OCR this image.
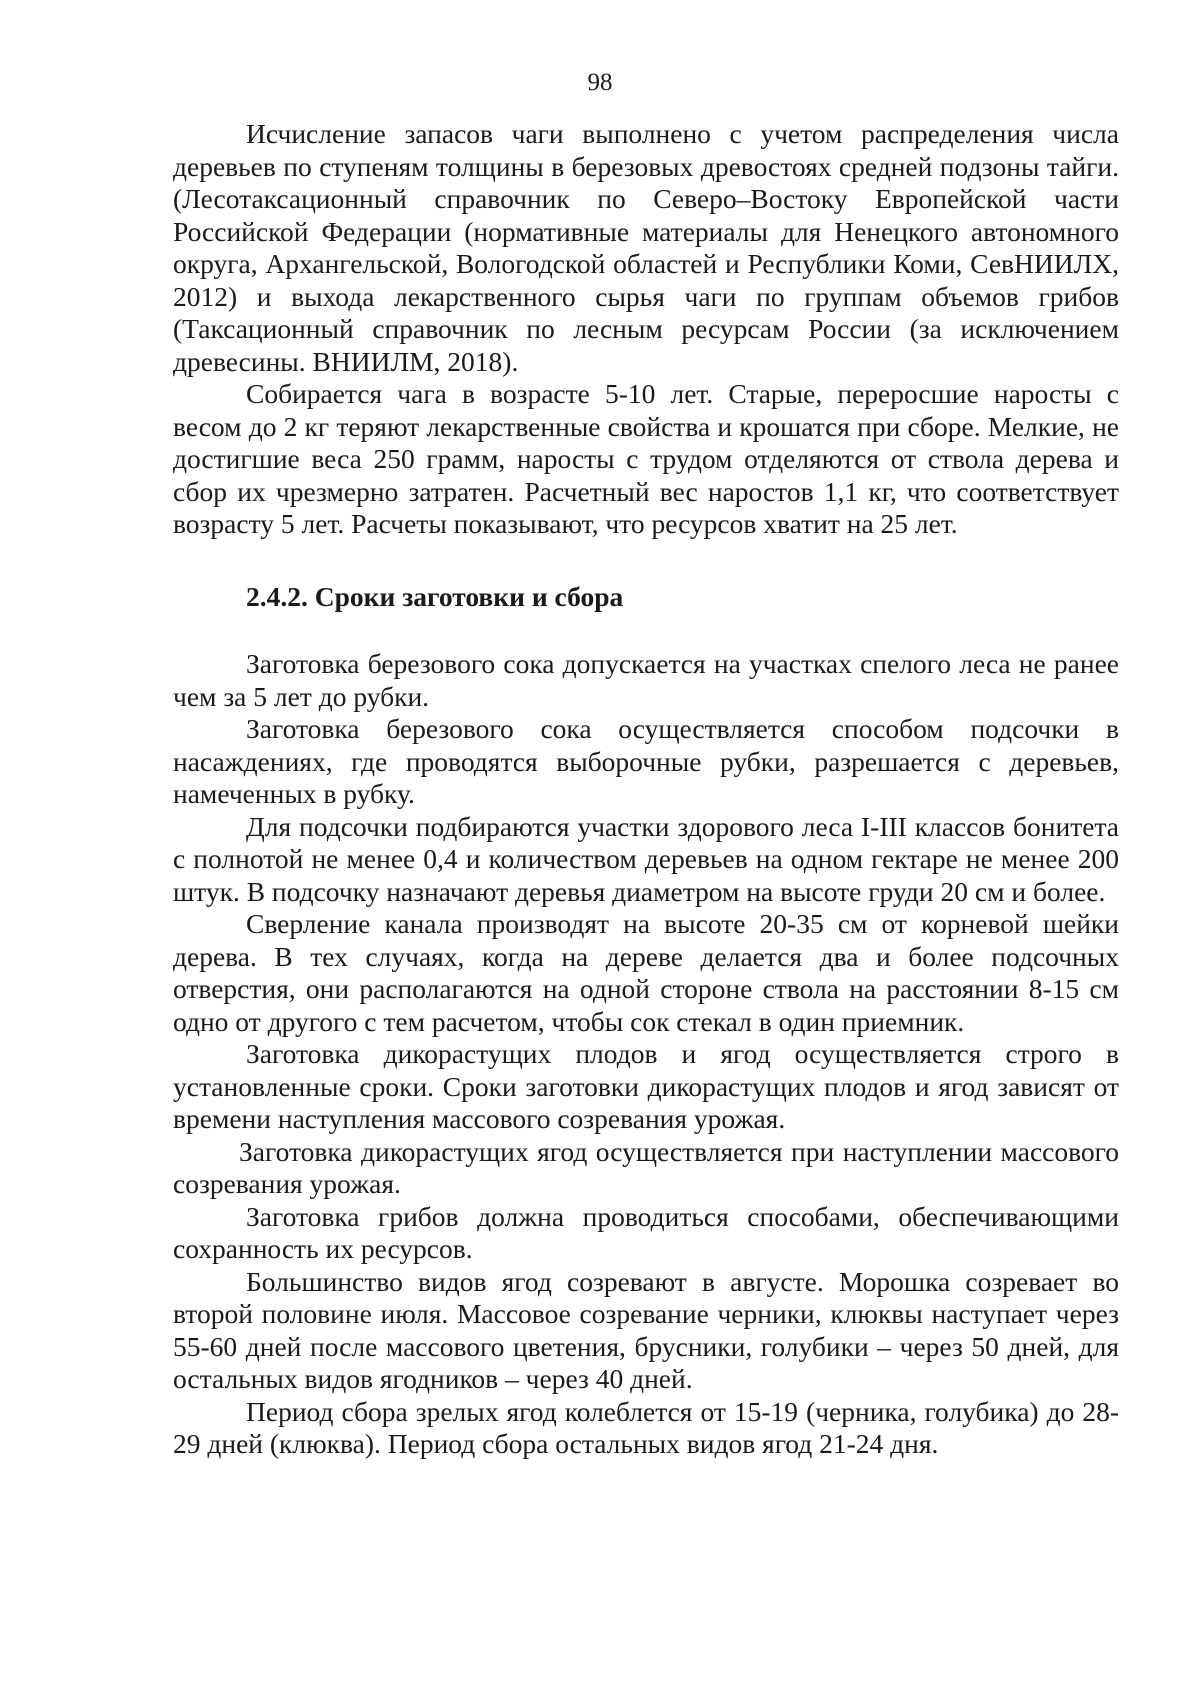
98

Исчисление запасов чаги выполнено с учетом распределения числа деревьев по ступеням толщины в березовых древостоях средней подзоны тайги. (Лесотаксационный справочник по Северо–Востоку Европейской части Российской Федерации (нормативные материалы для Ненецкого автономного округа, Архангельской, Вологодской областей и Республики Коми, СевНИИЛХ, 2012) и выхода лекарственного сырья чаги по группам объемов грибов (Таксационный справочник по лесным ресурсам России (за исключением древесины. ВНИИЛМ, 2018).

Собирается чага в возрасте 5-10 лет. Старые, переросшие наросты с весом до 2 кг теряют лекарственные свойства и крошатся при сборе. Мелкие, не достигшие веса 250 грамм, наросты с трудом отделяются от ствола дерева и сбор их чрезмерно затратен. Расчетный вес наростов 1,1 кг, что соответствует возрасту 5 лет. Расчеты показывают, что ресурсов хватит на 25 лет.

2.4.2. Сроки заготовки и сбора

Заготовка березового сока допускается на участках спелого леса не ранее чем за 5 лет до рубки.

Заготовка березового сока осуществляется способом подсочки в насаждениях, где проводятся выборочные рубки, разрешается с деревьев, намеченных в рубку.

Для подсочки подбираются участки здорового леса I-III классов бонитета с полнотой не менее 0,4 и количеством деревьев на одном гектаре не менее 200 штук. В подсочку назначают деревья диаметром на высоте груди 20 см и более.

Сверление канала производят на высоте 20-35 см от корневой шейки дерева. В тех случаях, когда на дереве делается два и более подсочных отверстия, они располагаются на одной стороне ствола на расстоянии 8-15 см одно от другого с тем расчетом, чтобы сок стекал в один приемник.

Заготовка дикорастущих плодов и ягод осуществляется строго в установленные сроки. Сроки заготовки дикорастущих плодов и ягод зависят от времени наступления массового созревания урожая.

Заготовка дикорастущих ягод осуществляется при наступлении массового созревания урожая.

Заготовка грибов должна проводиться способами, обеспечивающими сохранность их ресурсов.

Большинство видов ягод созревают в августе. Морошка созревает во второй половине июля. Массовое созревание черники, клюквы наступает через 55-60 дней после массового цветения, брусники, голубики – через 50 дней, для остальных видов ягодников – через 40 дней.

Период сбора зрелых ягод колеблется от 15-19 (черника, голубика) до 28-29 дней (клюква). Период сбора остальных видов ягод 21-24 дня.
